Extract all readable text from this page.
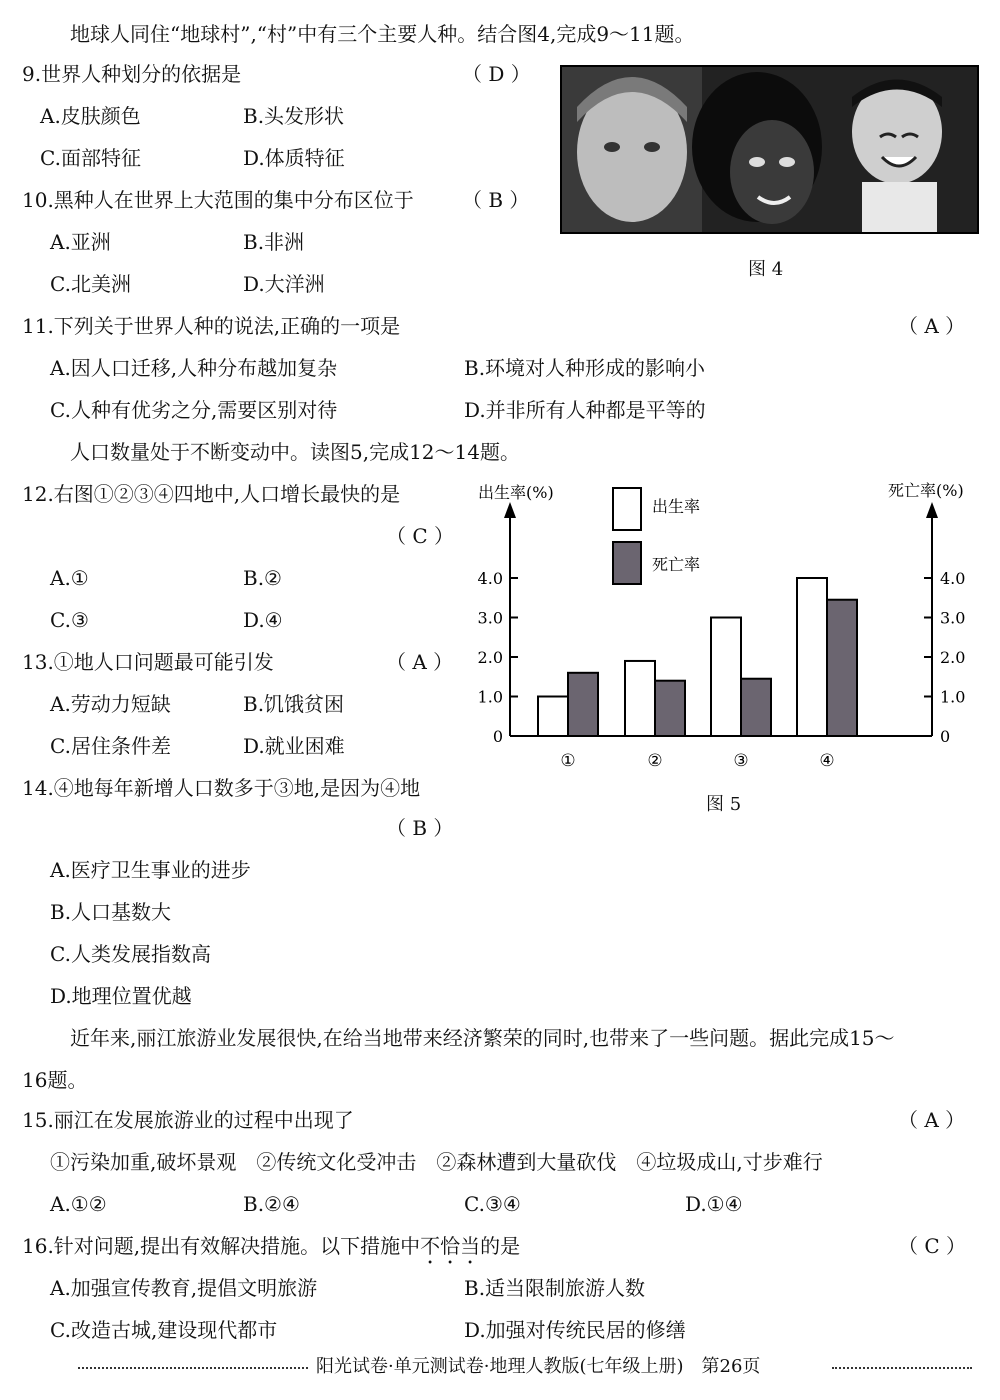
地球人同住“地球村”,“村”中有三个主要人种。结合图4,完成9～11题。
9.世界人种划分的依据是	（ D ）
A.皮肤颜色	B.头发形状
C.面部特征	D.体质特征
10.黑种人在世界上大范围的集中分布区位于 （ B ）
A.亚洲	B.非洲
C.北美洲	D.大洋洲
图 4
11.下列关于世界人种的说法,正确的一项是	（ A ）
A.因人口迁移,人种分布越加复杂	B.环境对人种形成的影响小
C.人种有优劣之分,需要区别对待	D.并非所有人种都是平等的
人口数量处于不断变动中。读图5,完成12～14题。
12.右图①②③④四地中,人口增长最快的是
（ C ）
A.①	B.②
C.③	D.④
13.①地人口问题最可能引发	（ A ）
A.劳动力短缺	B.饥饿贫困
C.居住条件差	D.就业困难
14.④地每年新增人口数多于③地,是因为④地
（ B ）
A.医疗卫生事业的进步
B.人口基数大
C.人类发展指数高
D.地理位置优越
出生率(%)	死亡率(%)
0	0
1.0	1.0
2.0	2.0
3.0	3.0
4.0	4.0
①	②	③	④
出生率
死亡率
图 5
近年来,丽江旅游业发展很快,在给当地带来经济繁荣的同时,也带来了一些问题。据此完成15～
16题。
15.丽江在发展旅游业的过程中出现了	（ A ）
①污染加重,破坏景观　②传统文化受冲击　②森林遭到大量砍伐　④垃圾成山,寸步难行
A.①②	B.②④	C.③④	D.①④
16.针对问题,提出有效解决措施。以下措施中不恰当的是	（ C ）
A.加强宣传教育,提倡文明旅游	B.适当限制旅游人数
C.改造古城,建设现代都市	D.加强对传统民居的修缮
阳光试卷·单元测试卷·地理人教版(七年级上册)　第26页
